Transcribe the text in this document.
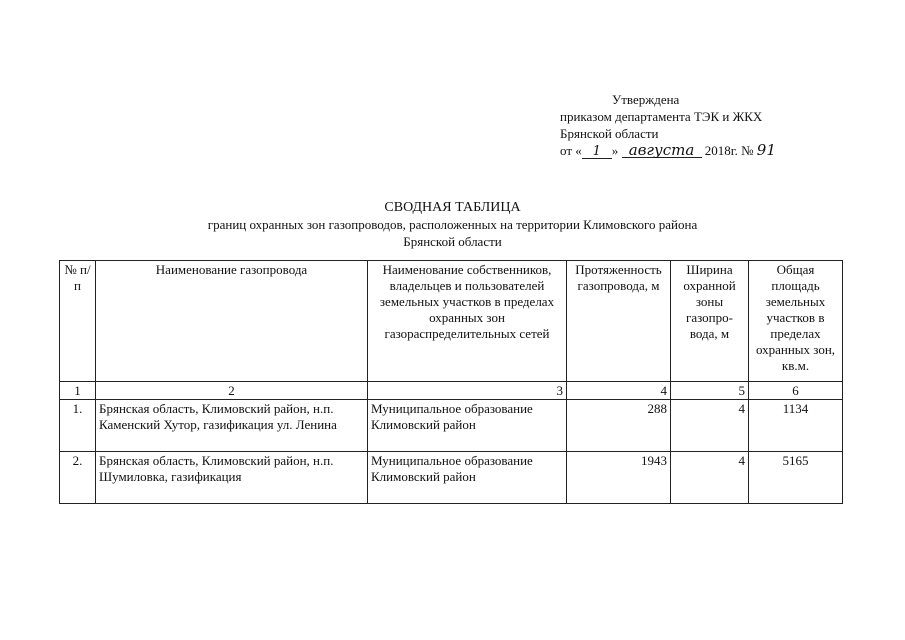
Утверждена
приказом департамента ТЭК и ЖКХ
Брянской области
от « 1 » августа 2018г. № 91
СВОДНАЯ ТАБЛИЦА
границ охранных зон газопроводов, расположенных на территории Климовского района
Брянской области
№ п/п	Наименование газопровода	Наименование собственников, владельцев и пользователей земельных участков в пределах охранных зон газораспределительных сетей	Протяженность газопровода, м	Ширина охранной зоны газопро-вода, м	Общая площадь земельных участков в пределах охранных зон, кв.м.
1	2	3	4	5	6
1.	Брянская область, Климовский район, н.п. Каменский Хутор, газификация ул. Ленина	Муниципальное образование Климовский район	288	4	1134
2.	Брянская область, Климовский район, н.п. Шумиловка, газификация	Муниципальное образование Климовский район	1943	4	5165
